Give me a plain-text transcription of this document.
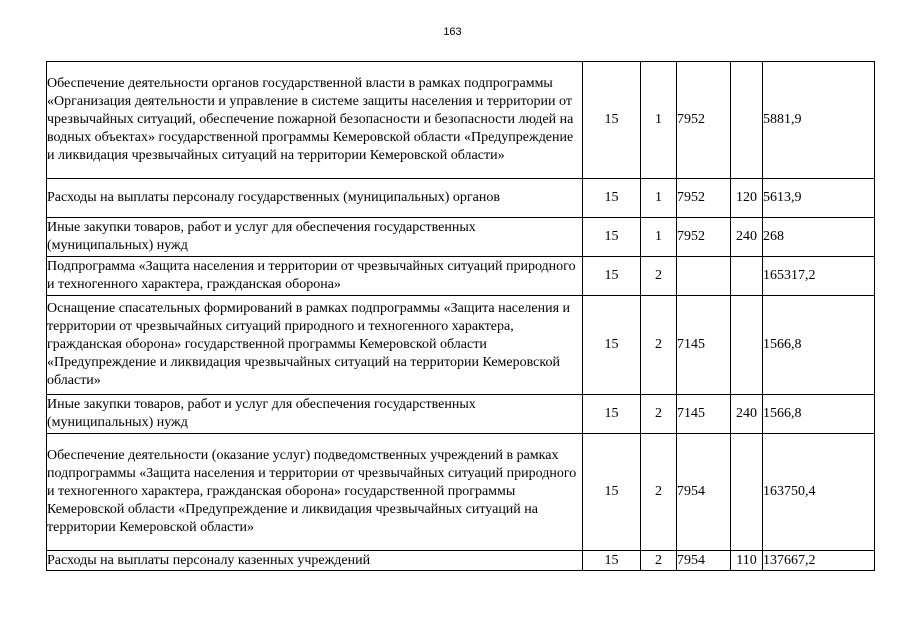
163
Обеспечение деятельности органов государственной власти в рамках подпрограммы «Организация деятельности и управление в системе защиты населения и территории от чрезвычайных ситуаций, обеспечение пожарной безопасности и безопасности людей на водных объектах» государственной программы Кемеровской области «Предупреждение и ликвидация чрезвычайных ситуаций на территории Кемеровской области»	15	1	7952		5881,9
Расходы на выплаты персоналу государственных (муниципальных) органов	15	1	7952	120	5613,9
Иные закупки товаров, работ и услуг для обеспечения государственных (муниципальных) нужд	15	1	7952	240	268
Подпрограмма «Защита населения и территории от чрезвычайных ситуаций природного и техногенного характера, гражданская оборона»	15	2			165317,2
Оснащение спасательных формирований в рамках подпрограммы «Защита населения и территории от чрезвычайных ситуаций природного и техногенного характера, гражданская оборона» государственной программы Кемеровской области «Предупреждение и ликвидация чрезвычайных ситуаций на территории Кемеровской области»	15	2	7145		1566,8
Иные закупки товаров, работ и услуг для обеспечения государственных (муниципальных) нужд	15	2	7145	240	1566,8
Обеспечение деятельности (оказание услуг) подведомственных учреждений в рамках подпрограммы «Защита населения и территории от чрезвычайных ситуаций природного и техногенного характера, гражданская оборона» государственной программы Кемеровской области «Предупреждение и ликвидация чрезвычайных ситуаций на территории Кемеровской области»	15	2	7954		163750,4
Расходы на выплаты персоналу казенных учреждений	15	2	7954	110	137667,2
